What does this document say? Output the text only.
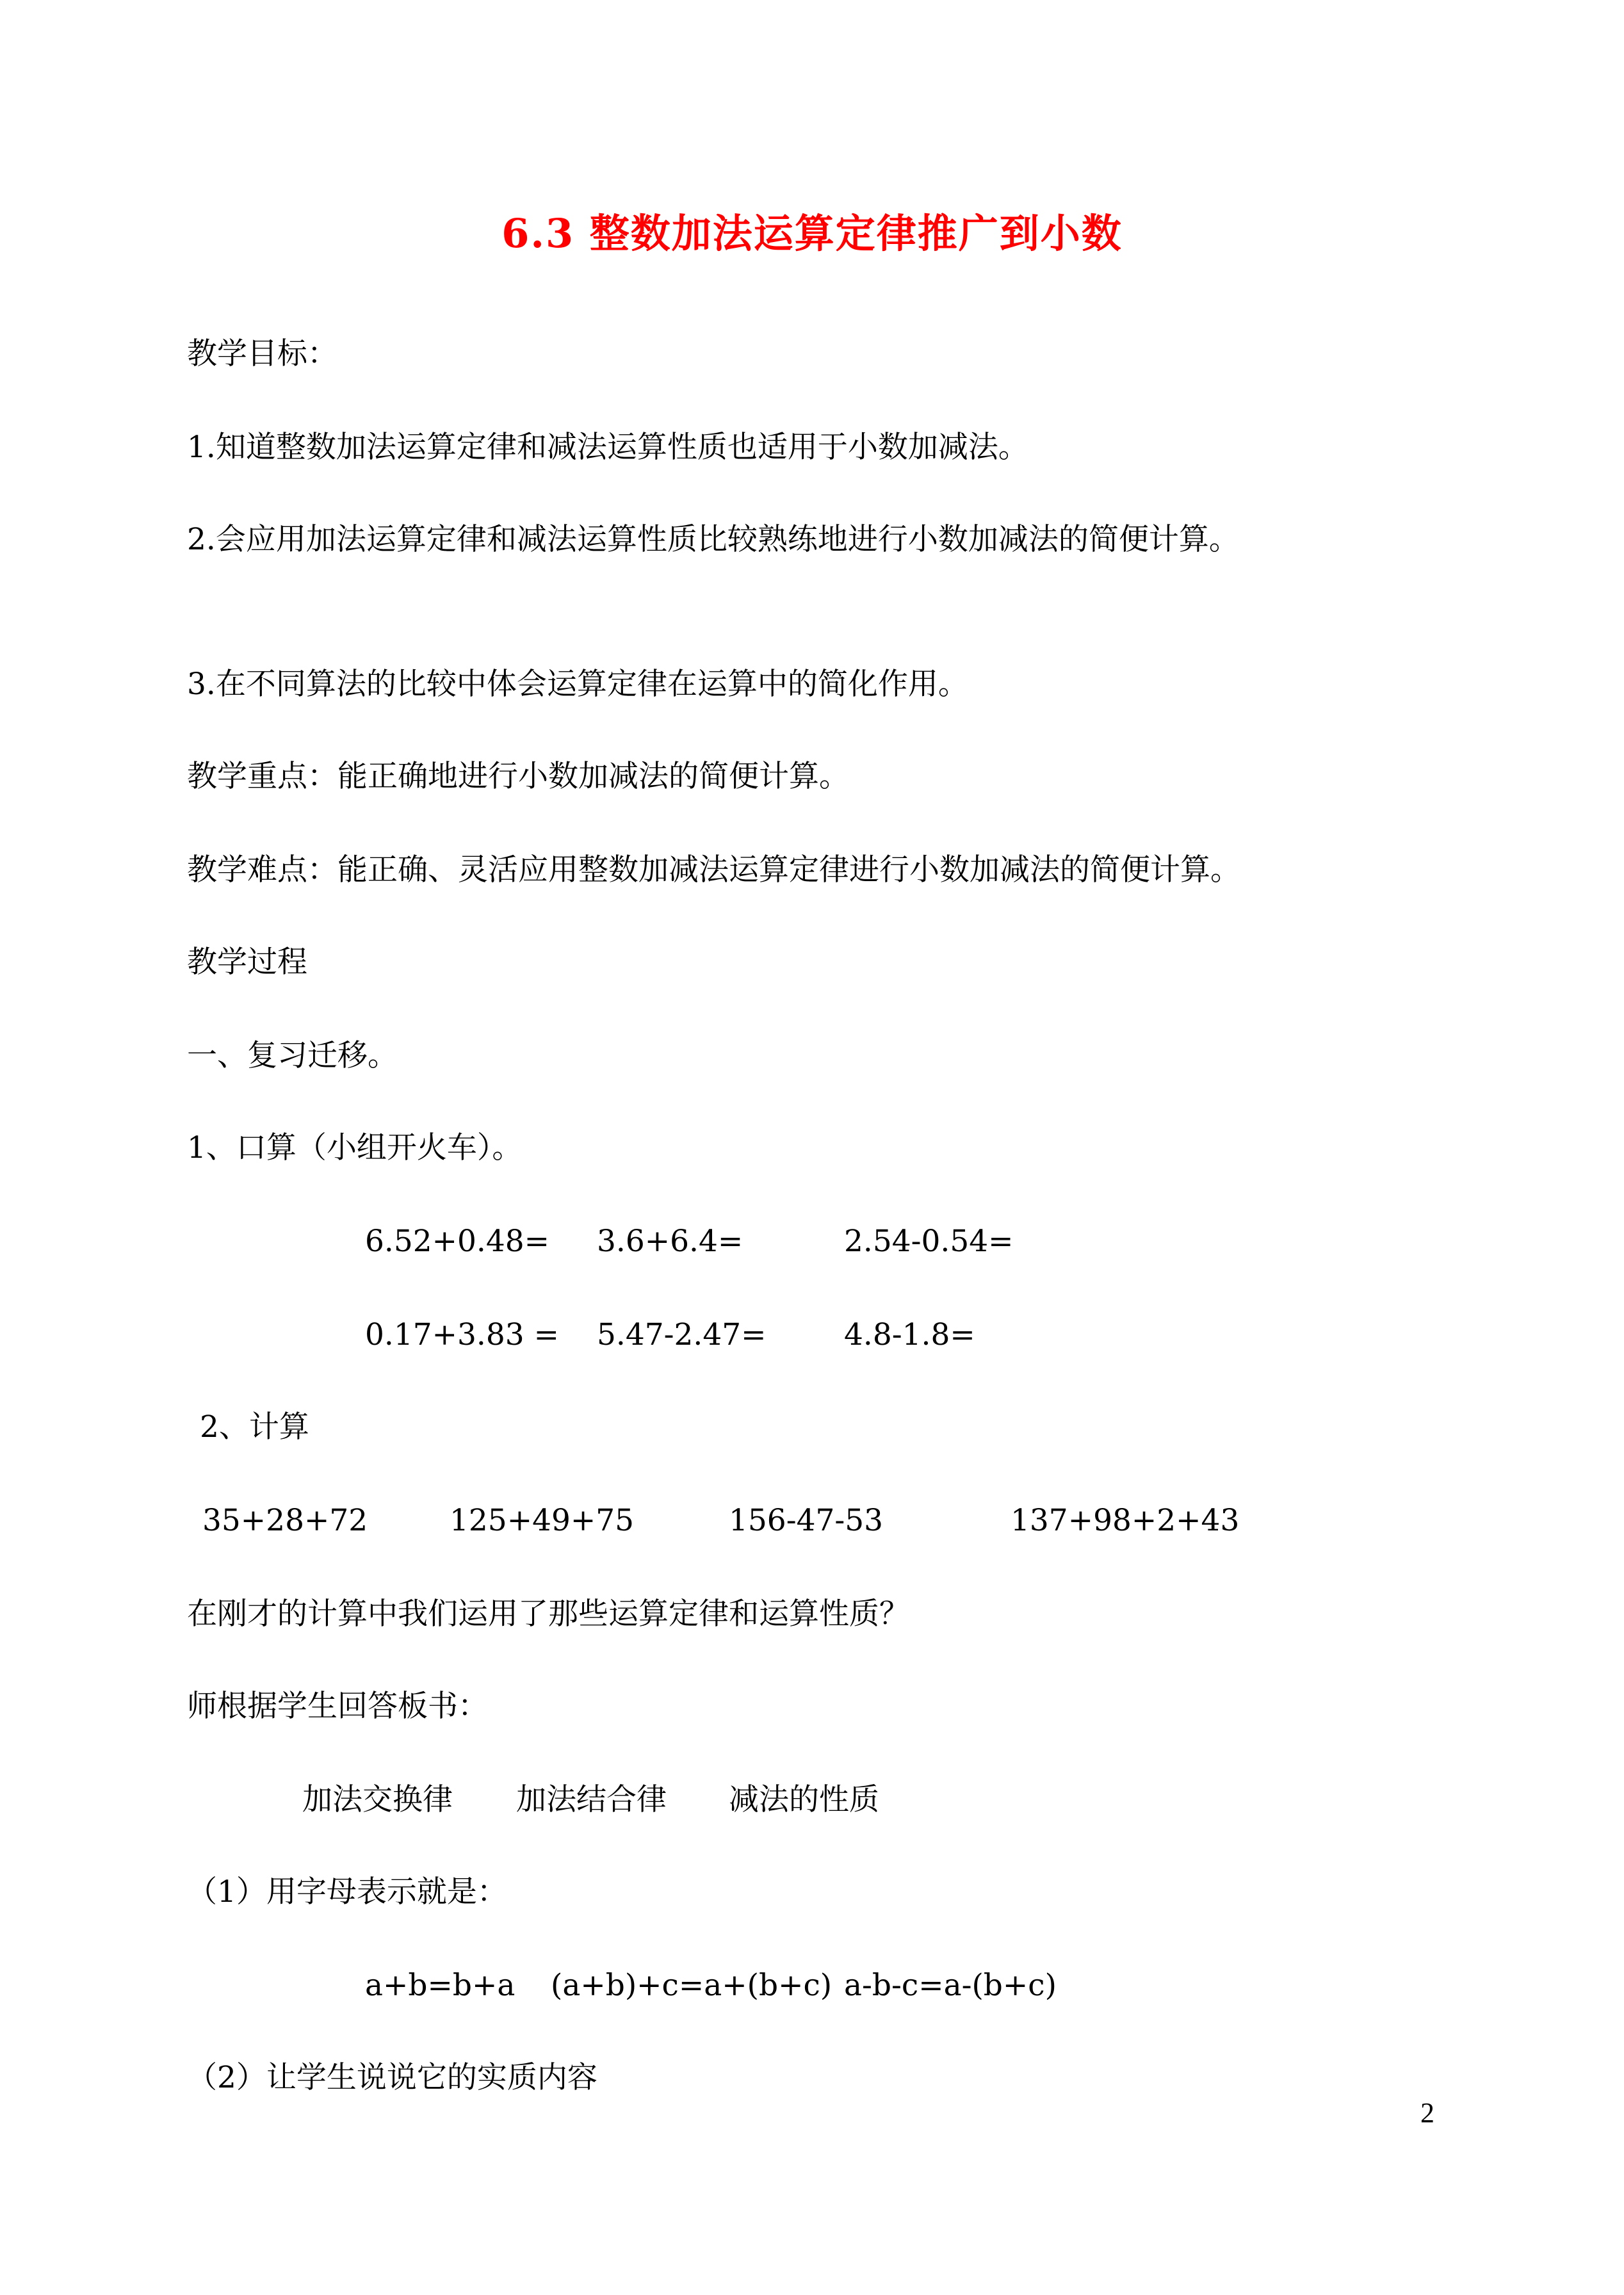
6.3 整数加法运算定律推广到小数
教学目标：
1.知道整数加法运算定律和减法运算性质也适用于小数加减法。
2.会应用加法运算定律和减法运算性质比较熟练地进行小数加减法的简便计算。
3.在不同算法的比较中体会运算定律在运算中的简化作用。
教学重点：能正确地进行小数加减法的简便计算。
教学难点：能正确、灵活应用整数加减法运算定律进行小数加减法的简便计算。
教学过程
一、复习迁移。
1、口算（小组开火车）。
6.52+0.48= 3.6+6.4=	2.54-0.54=
0.17+3.83 = 5.47-2.47=	4.8-1.8=
2、计算
35+28+72	125+49+75	156-47-53	137+98+2+43
在刚才的计算中我们运用了那些运算定律和运算性质？
师根据学生回答板书：
加法交换律 加法结合律 减法的性质
（1）用字母表示就是：
a+b=b+a (a+b)+c=a+(b+c) a-b-c=a-(b+c)
（2）让学生说说它的实质内容
2
